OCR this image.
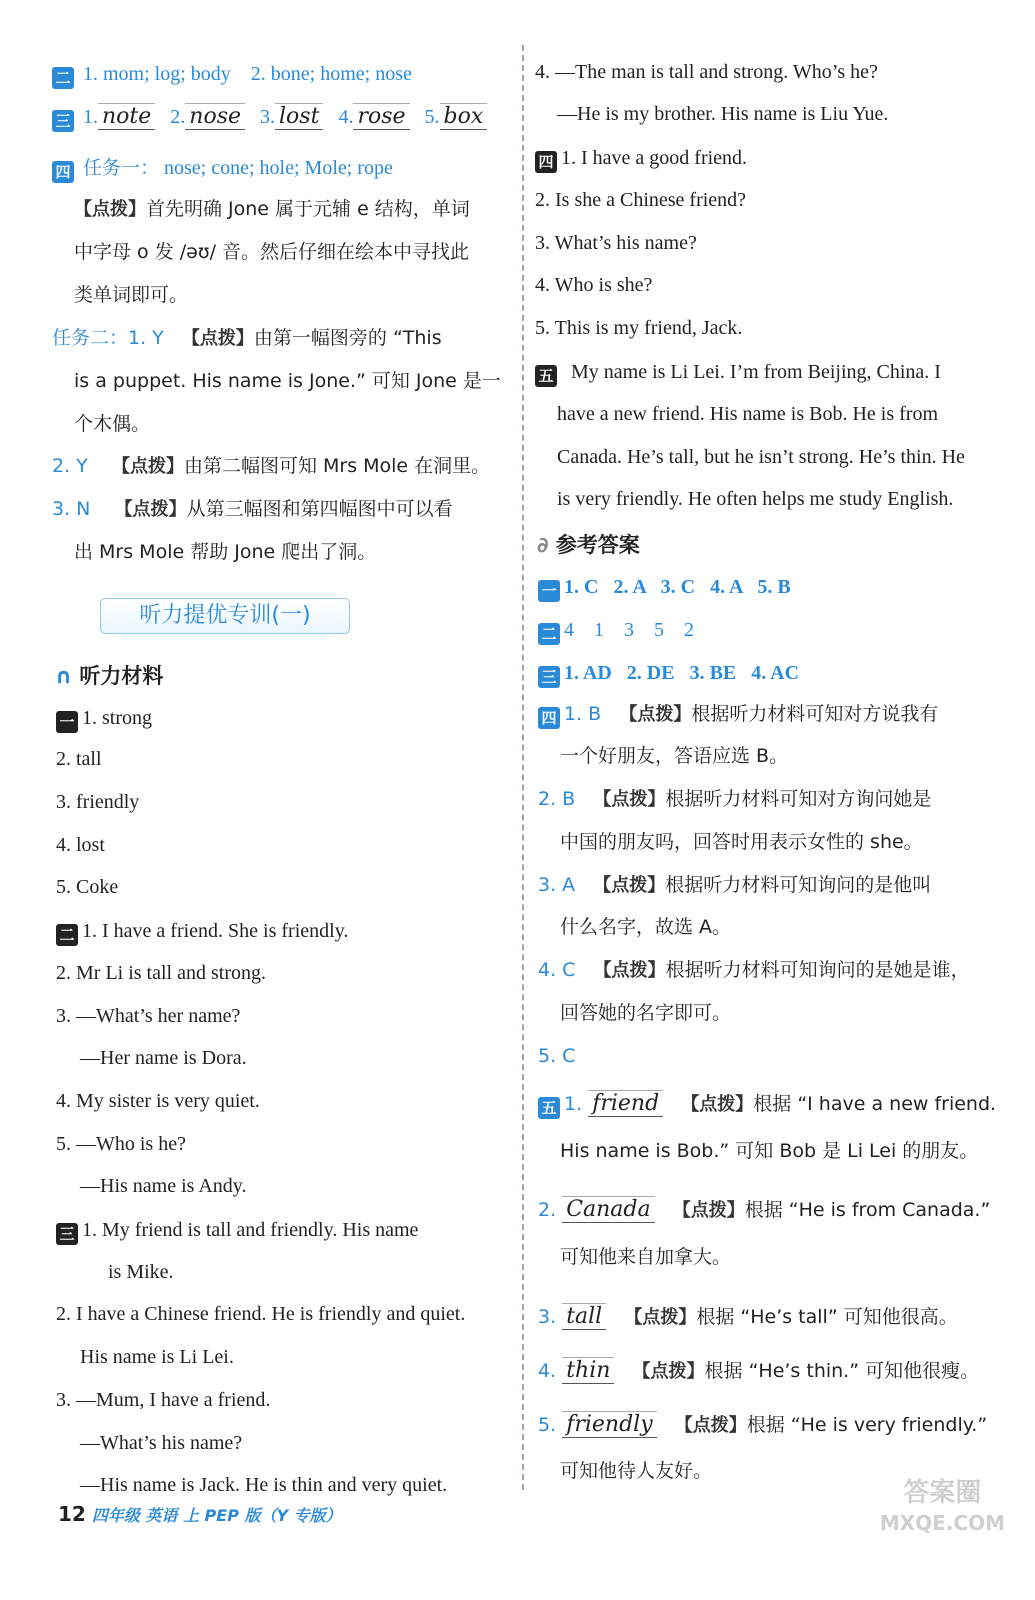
二 1. mom; log; body 2. bone; home; nose
三 1. note 2. nose 3. lost 4. rose 5. box
四 任务一： nose; cone; hole; Mole; rope
【点拨】首先明确 Jone 属于元辅 e 结构，单词
中字母 o 发 /əʊ/ 音。然后仔细在绘本中寻找此
类单词即可。
任务二：1. Y 【点拨】由第一幅图旁的 “This
is a puppet. His name is Jone.” 可知 Jone 是一
个木偶。
2. Y 【点拨】由第二幅图可知 Mrs Mole 在洞里。
3. N 【点拨】从第三幅图和第四幅图中可以看
出 Mrs Mole 帮助 Jone 爬出了洞。
听力提优专训(一)
∩ 听力材料
一 1. strong
2. tall
3. friendly
4. lost
5. Coke
二 1. I have a friend. She is friendly.
2. Mr Li is tall and strong.
3. —What’s her name?
—Her name is Dora.
4. My sister is very quiet.
5. —Who is he?
—His name is Andy.
三 1. My friend is tall and friendly. His name
is Mike.
2. I have a Chinese friend. He is friendly and quiet.
His name is Li Lei.
3. —Mum, I have a friend.
—What’s his name?
—His name is Jack. He is thin and very quiet.
4. —The man is tall and strong. Who’s he?
—He is my brother. His name is Liu Yue.
四 1. I have a good friend.
2. Is she a Chinese friend?
3. What’s his name?
4. Who is she?
5. This is my friend, Jack.
五 My name is Li Lei. I’m from Beijing, China. I
have a new friend. His name is Bob. He is from
Canada. He’s tall, but he isn’t strong. He’s thin. He
is very friendly. He often helps me study English.
∂ 参考答案
一 1. C   2. A   3. C   4. A   5. B
二 4    1    3    5    2
三 1. AD   2. DE   3. BE   4. AC
四 1. B 【点拨】根据听力材料可知对方说我有
一个好朋友，答语应选 B。
2. B 【点拨】根据听力材料可知对方询问她是
中国的朋友吗，回答时用表示女性的 she。
3. A 【点拨】根据听力材料可知询问的是他叫
什么名字，故选 A。
4. C 【点拨】根据听力材料可知询问的是她是谁，
回答她的名字即可。
5. C
五 1. friend 【点拨】根据 “I have a new friend.
His name is Bob.” 可知 Bob 是 Li Lei 的朋友。
2. Canada 【点拨】根据 “He is from Canada.”
可知他来自加拿大。
3. tall 【点拨】根据 “He’s tall” 可知他很高。
4. thin 【点拨】根据 “He’s thin.” 可知他很瘦。
5. friendly 【点拨】根据 “He is very friendly.”
可知他待人友好。
12 四年级 英语 上 PEP 版（Y 专版）
答案圈
MXQE.COM
